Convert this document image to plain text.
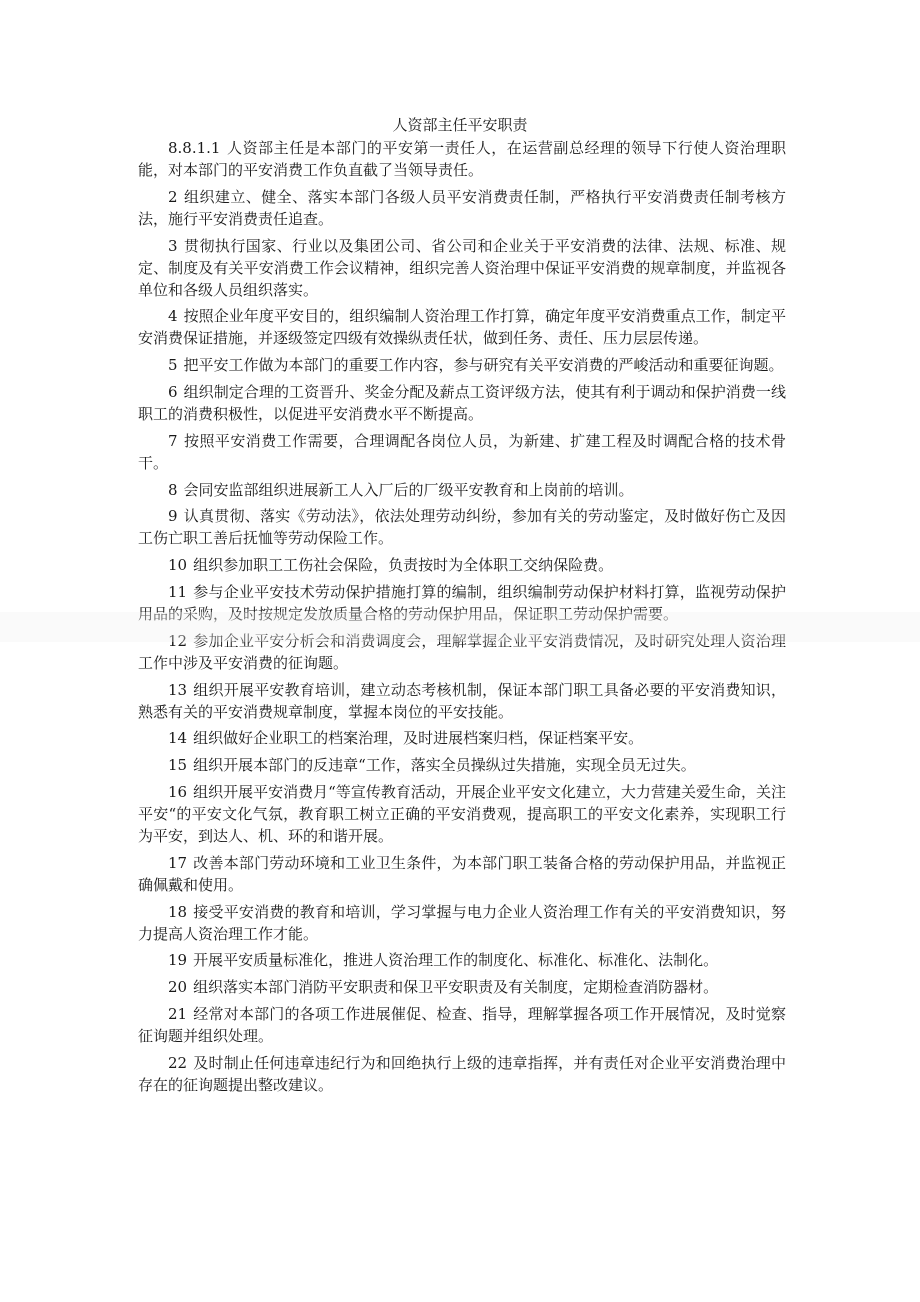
人资部主任平安职责

8.8.1.1 人资部主任是本部门的平安第一责任人，在运营副总经理的领导下行使人资治理职能，对本部门的平安消费工作负直截了当领导责任。

2 组织建立、健全、落实本部门各级人员平安消费责任制，严格执行平安消费责任制考核方法，施行平安消费责任追查。

3 贯彻执行国家、行业以及集团公司、省公司和企业关于平安消费的法律、法规、标准、规定、制度及有关平安消费工作会议精神，组织完善人资治理中保证平安消费的规章制度，并监视各单位和各级人员组织落实。

4 按照企业年度平安目的，组织编制人资治理工作打算，确定年度平安消费重点工作，制定平安消费保证措施，并逐级签定四级有效操纵责任状，做到任务、责任、压力层层传递。

5 把平安工作做为本部门的重要工作内容，参与研究有关平安消费的严峻活动和重要征询题。

6 组织制定合理的工资晋升、奖金分配及薪点工资评级方法，使其有利于调动和保护消费一线职工的消费积极性，以促进平安消费水平不断提高。

7 按照平安消费工作需要，合理调配各岗位人员，为新建、扩建工程及时调配合格的技术骨干。

8 会同安监部组织进展新工人入厂后的厂级平安教育和上岗前的培训。

9 认真贯彻、落实《劳动法》，依法处理劳动纠纷，参加有关的劳动鉴定，及时做好伤亡及因工伤亡职工善后抚恤等劳动保险工作。

10 组织参加职工工伤社会保险，负责按时为全体职工交纳保险费。

11 参与企业平安技术劳动保护措施打算的编制，组织编制劳动保护材料打算，监视劳动保护用品的采购，及时按规定发放质量合格的劳动保护用品，保证职工劳动保护需要。

12 参加企业平安分析会和消费调度会，理解掌握企业平安消费情况，及时研究处理人资治理工作中涉及平安消费的征询题。

13 组织开展平安教育培训，建立动态考核机制，保证本部门职工具备必要的平安消费知识，熟悉有关的平安消费规章制度，掌握本岗位的平安技能。

14 组织做好企业职工的档案治理，及时进展档案归档，保证档案平安。

15 组织开展本部门的反违章“工作，落实全员操纵过失措施，实现全员无过失。

16 组织开展平安消费月“等宣传教育活动，开展企业平安文化建立，大力营建关爱生命，关注平安“的平安文化气氛，教育职工树立正确的平安消费观，提高职工的平安文化素养，实现职工行为平安，到达人、机、环的和谐开展。

17 改善本部门劳动环境和工业卫生条件，为本部门职工装备合格的劳动保护用品，并监视正确佩戴和使用。

18 接受平安消费的教育和培训，学习掌握与电力企业人资治理工作有关的平安消费知识，努力提高人资治理工作才能。

19 开展平安质量标准化，推进人资治理工作的制度化、标准化、标准化、法制化。

20 组织落实本部门消防平安职责和保卫平安职责及有关制度，定期检查消防器材。

21 经常对本部门的各项工作进展催促、检查、指导，理解掌握各项工作开展情况，及时觉察征询题并组织处理。

22 及时制止任何违章违纪行为和回绝执行上级的违章指挥，并有责任对企业平安消费治理中存在的征询题提出整改建议。
